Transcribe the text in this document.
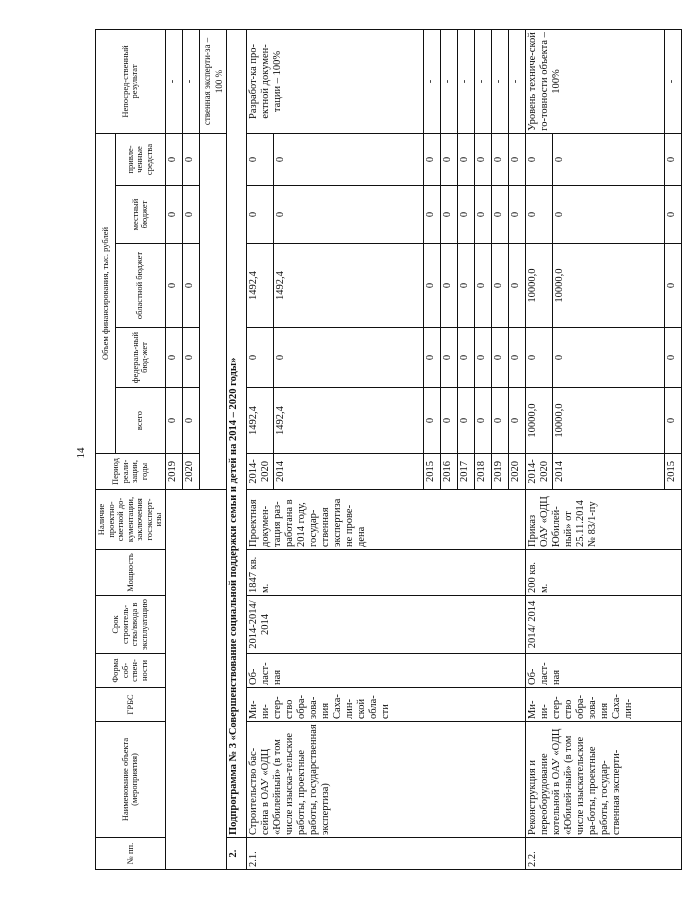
14
№ пп.	Наименование объекта (мероприятия)	ГРБС	Форма соб-ствен-ности	Срок строитель-ства/ввода в эксплуатацию	Мощность	Наличие проектно-сметной до-кументации, заключения госэксперт-изы	Период реали-зации, годы	Объем финансирования, тыс. рублей					Непосред-ственный результат
								всего	федераль-ный бюд-жет	областной бюджет	местный бюджет	привле-ченные средства	
							2019	0	0	0	0	0	-
							2020	0	0	0	0	0	-
													ственная эксперти-за – 100 %
2.	Подпрограмма № 3 «Совершенствование социальной поддержки семьи и детей на 2014 – 2020 годы»												
2.1.	Строительство бас-сейна в ОАУ «ОДЦ «Юбилейный» (в том числе изыска-тельские работы, проектные работы, государственная экспертиза)	Ми-ни-стер-ство обра-зова-ния Саха-лин-ской обла-сти	Об-ласт-ная	2014-2014/ 2014	1847 кв. м.	Проектная докумен-тация раз-работана в 2014 году, государ-ственная экспертиза не прове-дена	2014-2020	1492,4	0	1492,4	0	0	Разработ-ка про-ектной докумен-тации – 100%
							2014	1492,4	0	1492,4	0	0	
							2015	0	0	0	0	0	-
							2016	0	0	0	0	0	-
							2017	0	0	0	0	0	-
							2018	0	0	0	0	0	-
							2019	0	0	0	0	0	-
							2020	0	0	0	0	0	-
2.2.	Реконструкция и переоборудование котельной в ОАУ «ОДЦ «Юбилей-ный» (в том числе изыскательские ра-боты, проектные работы, государ-ственная эксперти-	Ми-ни-стер-ство обра-зова-ния Саха-лин-	Об-ласт-ная	2014/ 2014	200 кв. м.	Приказ ОАУ «ОДЦ Юбилей-ный» от 25.11.2014 № 83/1-пу	2014-2020	10000,0	0	10000,0	0	0	Уровень техниче-ской го-товности объекта – 100%
							2014	10000,0	0	10000,0	0	0	
							2015	0	0	0	0	0	-
